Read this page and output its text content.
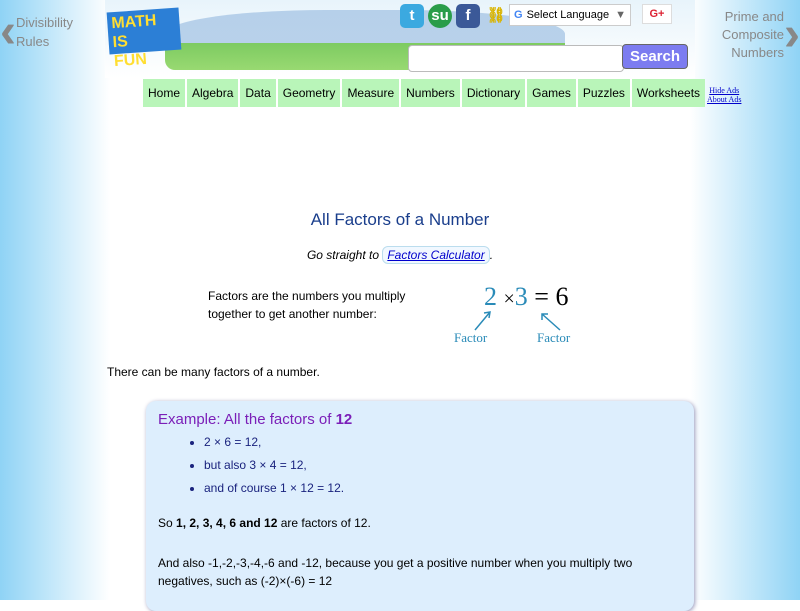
‹ Divisibility
Rules
Prime and
Composite
Numbers ›
MATH IS
FUN
t	su	f	⛓ G Select Language ▼	G+
Search
Home	Algebra	Data	Geometry	Measure	Numbers	Dictionary	Games	Puzzles	Worksheets	Hide Ads
About Ads
All Factors of a Number
Go straight to Factors Calculator .
Factors are the numbers you multiply together to get another number:
2 ×3 = 6
Factor	Factor
There can be many factors of a number.
Example: All the factors of 12
• 2 × 6 = 12,
• but also 3 × 4 = 12,
• and of course 1 × 12 = 12.

So 1, 2, 3, 4, 6 and 12 are factors of 12.

And also -1,-2,-3,-4,-6 and -12, because you get a positive number when you multiply two negatives, such as (-2)×(-6) = 12
